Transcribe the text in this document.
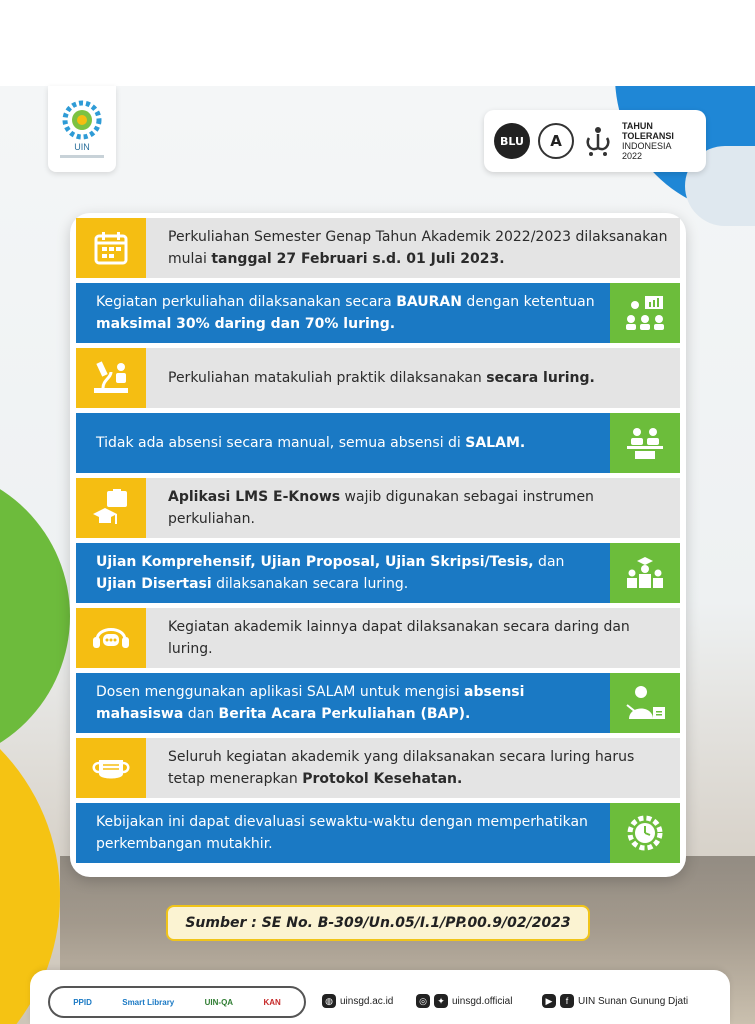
UIN	BLU	A
TAHUN
TOLERANSI
INDONESIA
2022
Perkuliahan Semester Genap Tahun Akademik 2022/2023 dilaksanakan mulai tanggal 27 Februari s.d. 01 Juli 2023.
Kegiatan perkuliahan dilaksanakan secara BAURAN dengan ketentuan maksimal 30% daring dan 70% luring.
Perkuliahan matakuliah praktik dilaksanakan secara luring.
Tidak ada absensi secara manual, semua absensi di SALAM.
Aplikasi LMS E-Knows wajib digunakan sebagai instrumen perkuliahan.
Ujian Komprehensif, Ujian Proposal, Ujian Skripsi/Tesis, dan Ujian Disertasi dilaksanakan secara luring.
Kegiatan akademik lainnya dapat dilaksanakan secara daring dan luring.
Dosen menggunakan aplikasi SALAM untuk mengisi absensi mahasiswa dan Berita Acara Perkuliahan (BAP).
Seluruh kegiatan akademik yang dilaksanakan secara luring harus tetap menerapkan Protokol Kesehatan.
Kebijakan ini dapat dievaluasi sewaktu-waktu dengan memperhatikan perkembangan mutakhir.
Sumber : SE No. B-309/Un.05/I.1/PP.00.9/02/2023
PPID	Smart Library	UIN-QA	KAN	◍ uinsgd.ac.id	◎	✦ uinsgd.official	▶	f UIN Sunan Gunung Djati
